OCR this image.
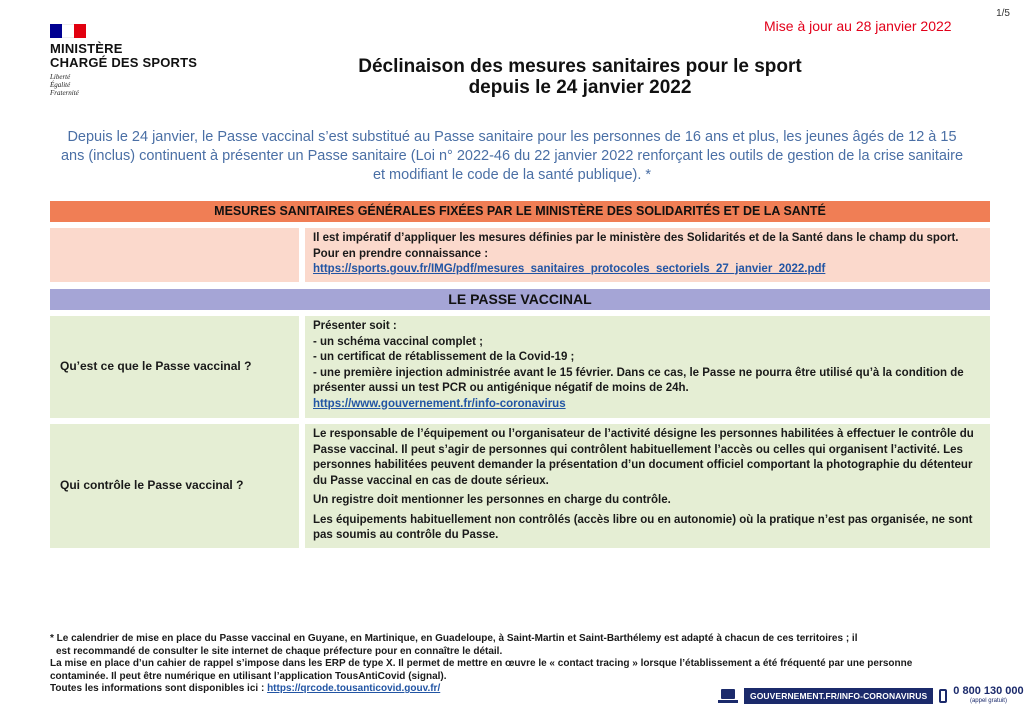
1/5
Mise à jour au 28 janvier 2022
MINISTÈRE
CHARGÉ DES SPORTS
Liberté
Égalité
Fraternité
Déclinaison des mesures sanitaires pour le sport
depuis le 24 janvier 2022
Depuis le 24 janvier, le Passe vaccinal s’est substitué au Passe sanitaire pour les personnes de 16 ans et plus, les jeunes âgés de 12 à 15 ans (inclus) continuent à présenter un Passe sanitaire (Loi n° 2022-46 du 22 janvier 2022 renforçant les outils de gestion de la crise sanitaire et modifiant le code de la santé publique). *
MESURES SANITAIRES GÉNÉRALES FIXÉES PAR LE MINISTÈRE DES SOLIDARITÉS ET DE LA SANTÉ
Il est impératif d’appliquer les mesures définies par le ministère des Solidarités et de la Santé dans le champ du sport. Pour en prendre connaissance :
https://sports.gouv.fr/IMG/pdf/mesures_sanitaires_protocoles_sectoriels_27_janvier_2022.pdf
LE PASSE VACCINAL
Qu’est ce que le Passe vaccinal ?
Présenter soit :
- un schéma vaccinal complet ;
- un certificat de rétablissement de la Covid-19 ;
- une première injection administrée avant le 15 février. Dans ce cas, le Passe ne pourra être utilisé qu’à la condition de présenter aussi un test PCR ou antigénique négatif de moins de 24h.
https://www.gouvernement.fr/info-coronavirus
Qui contrôle le Passe vaccinal ?

Le responsable de l’équipement ou l’organisateur de l’activité désigne les personnes habilitées à effectuer le contrôle du Passe vaccinal. Il peut s’agir de personnes qui contrôlent habituellement l’accès ou celles qui organisent l’activité. Les personnes habilitées peuvent demander la présentation d’un document officiel comportant la photographie du détenteur du Passe vaccinal en cas de doute sérieux.

Un registre doit mentionner les personnes en charge du contrôle.

Les équipements habituellement non contrôlés (accès libre ou en autonomie) où la pratique n’est pas organisée, ne sont pas soumis au contrôle du Passe.

* Le calendrier de mise en place du Passe vaccinal en Guyane, en Martinique, en Guadeloupe, à Saint-Martin et Saint-Barthélemy est adapté à chacun de ces territoires ; il
est recommandé de consulter le site internet de chaque préfecture pour en connaître le détail.
La mise en place d’un cahier de rappel s’impose dans les ERP de type X. Il permet de mettre en œuvre le « contact tracing » lorsque l’établissement a été fréquenté par une personne contaminée. Il peut être numérique en utilisant l’application TousAntiCovid (signal).
Toutes les informations sont disponibles ici : https://qrcode.tousanticovid.gouv.fr/
GOUVERNEMENT.FR/INFO-CORONAVIRUS	0 800 130 000
(appel gratuit)
